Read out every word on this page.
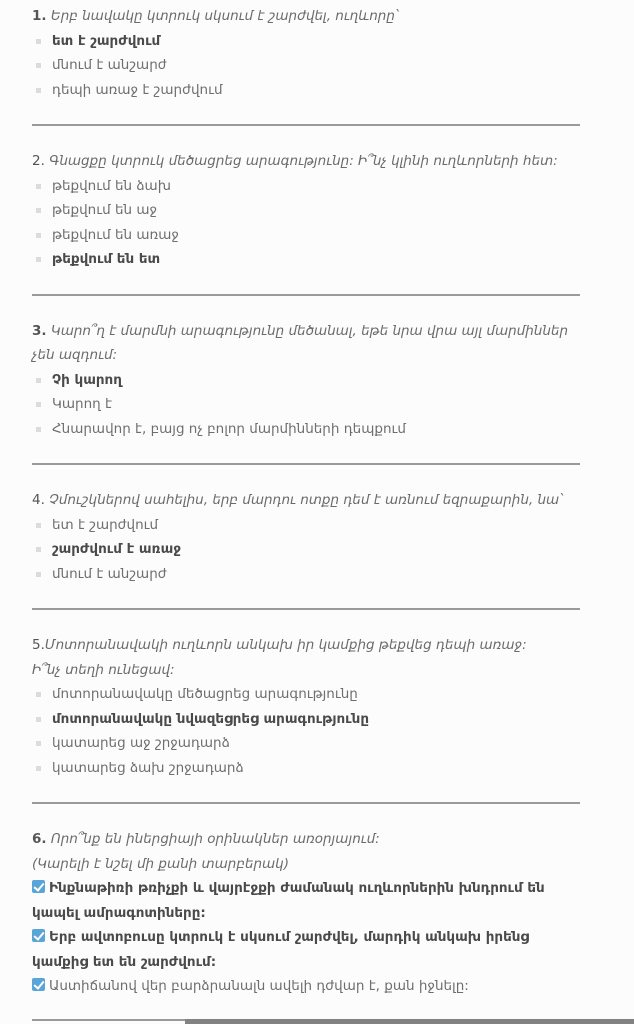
1. Երբ նավակը կտրուկ սկսում է շարժվել, ուղևորը՝

ետ է շարժվում
մնում է անշարժ
դեպի առաջ է շարժվում

2. Գնացքը կտրուկ մեծացրեց արագությունը: Ի՞նչ կլինի ուղևորների հետ:

թեքվում են ձախ
թեքվում են աջ
թեքվում են առաջ
թեքվում են ետ

3. Կարո՞ղ է մարմնի արագությունը մեծանալ, եթե նրա վրա այլ մարմիններ չեն ազդում:

Չի կարող
Կարող է
Հնարավոր է, բայց ոչ բոլոր մարմինների դեպքում

4. Չմուշկներով սահելիս, երբ մարդու ոտքը դեմ է առնում եզրաքարին, նա՝

ետ է շարժվում
շարժվում է առաջ
մնում է անշարժ

5.Մոտորանավակի ուղևորն անկախ իր կամքից թեքվեց դեպի առաջ:

Ի՞նչ տեղի ունեցավ:

մոտորանավակը մեծացրեց արագությունը
մոտորանավակը նվազեցրեց արագությունը
կատարեց աջ շրջադարձ
կատարեց ձախ շրջադարձ

6. Որո՞նք են իներցիայի օրինակներ առօրյայում:

(Կարելի է նշել մի քանի տարբերակ)

Ինքնաթիռի թռիչքի և վայրէջքի ժամանակ ուղևորներին խնդրում են կապել ամրագոտիները:
Երբ ավտոբուսը կտրուկ է սկսում շարժվել, մարդիկ անկախ իրենց կամքից ետ են շարժվում:
Աստիճանով վեր բարձրանալն ավելի դժվար է, քան իջնելը:
